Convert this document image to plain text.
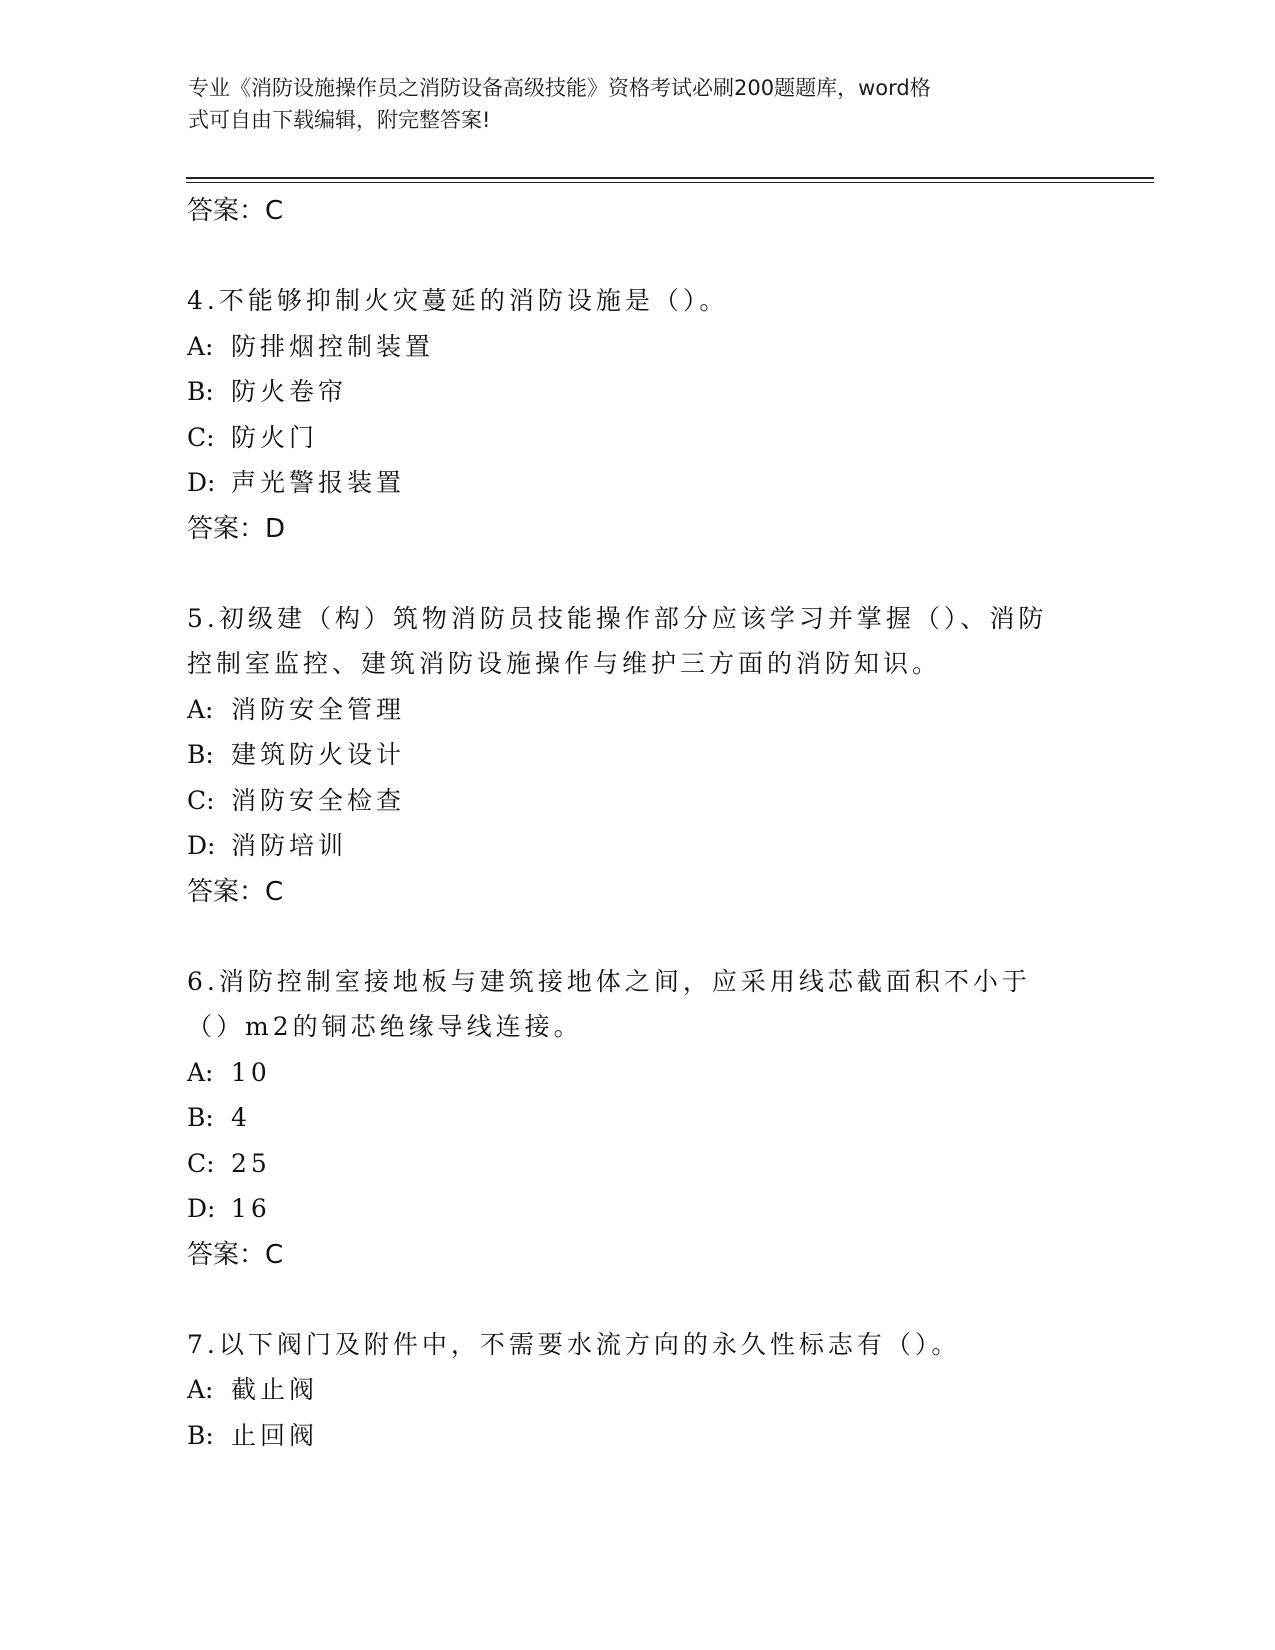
专业《消防设施操作员之消防设备高级技能》资格考试必刷200题题库，word格
式可自由下载编辑，附完整答案!
答案：C
4.不能够抑制火灾蔓延的消防设施是（）。
A: 防排烟控制装置
B: 防火卷帘
C: 防火门
D: 声光警报装置
答案：D
5.初级建（构）筑物消防员技能操作部分应该学习并掌握（）、消防控制室监控、建筑消防设施操作与维护三方面的消防知识。
A: 消防安全管理
B: 建筑防火设计
C: 消防安全检查
D: 消防培训
答案：C
6.消防控制室接地板与建筑接地体之间，应采用线芯截面积不小于（）m2的铜芯绝缘导线连接。
A: 10
B: 4
C: 25
D: 16
答案：C
7.以下阀门及附件中，不需要水流方向的永久性标志有（）。
A: 截止阀
B: 止回阀
